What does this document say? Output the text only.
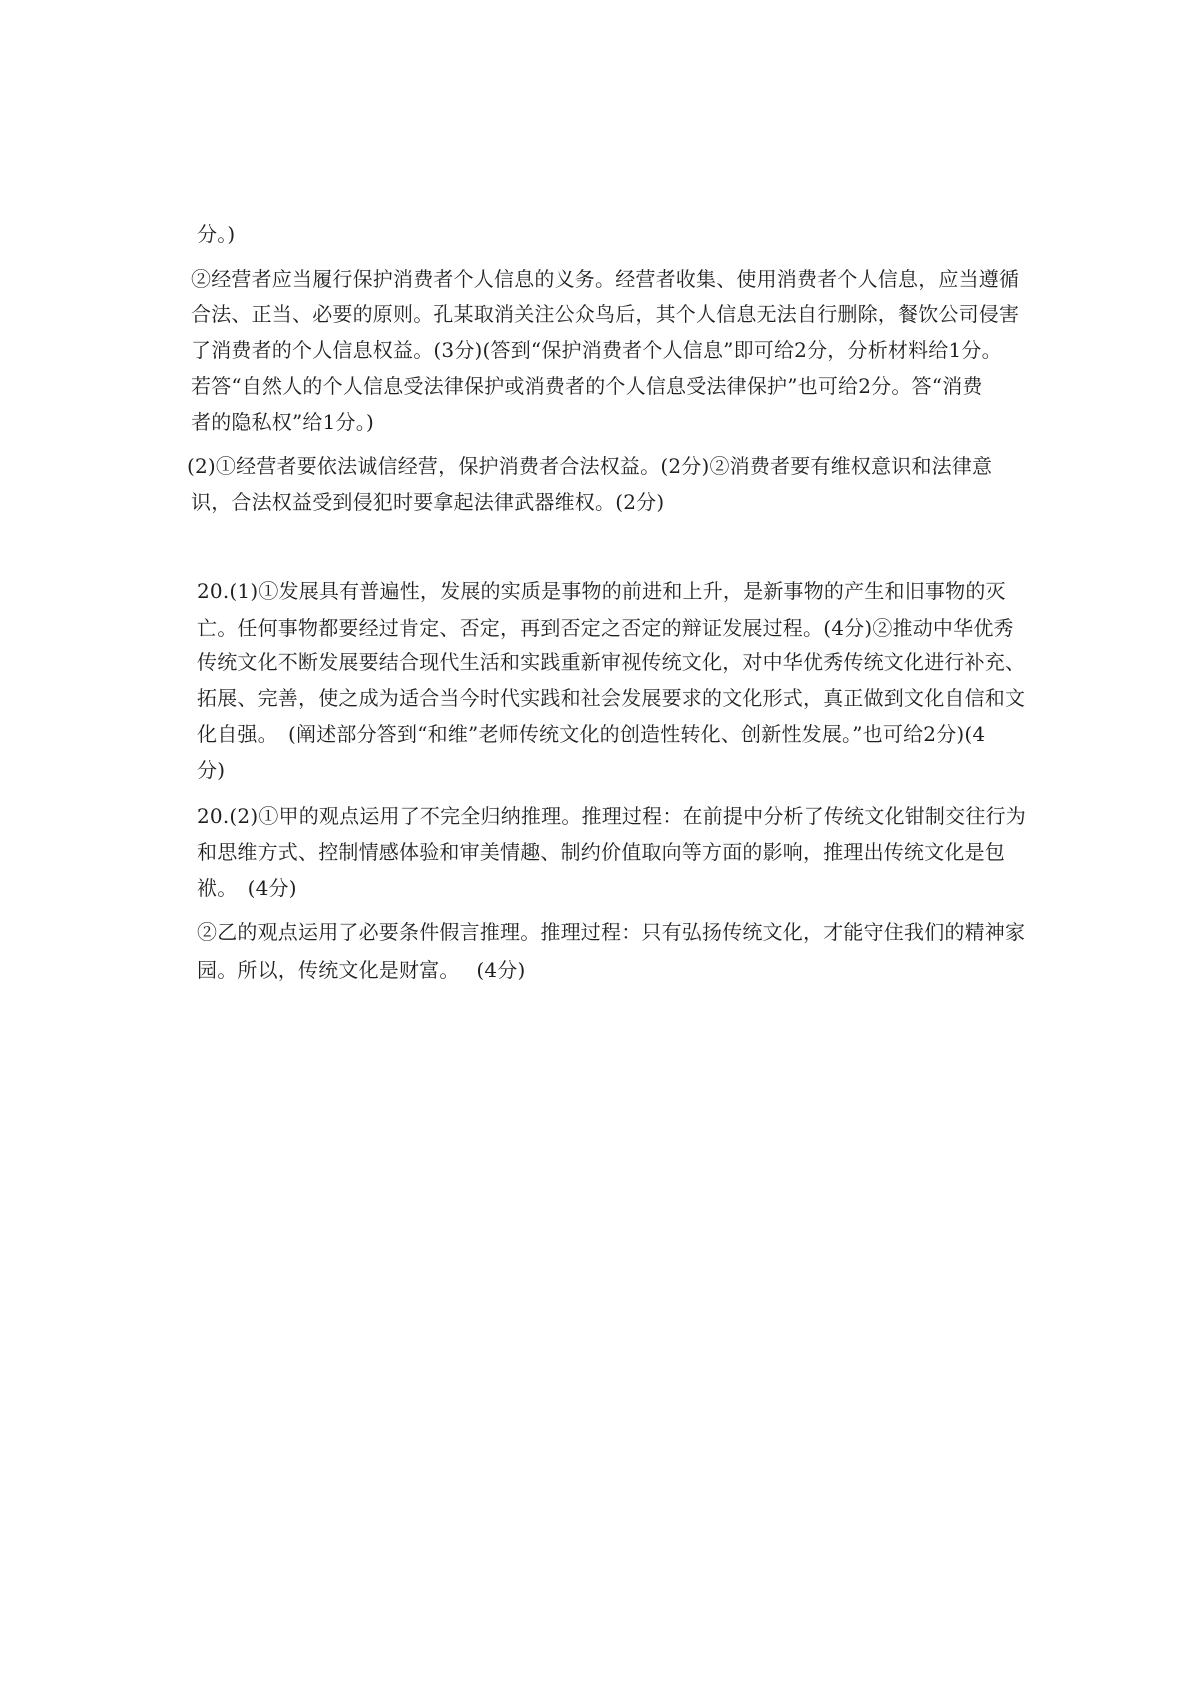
分。)
②经营者应当履行保护消费者个人信息的义务。经营者收集、使用消费者个人信息，应当遵循
合法、正当、必要的原则。孔某取消关注公众鸟后，其个人信息无法自行删除，餐饮公司侵害
了消费者的个人信息权益。(3分)(答到“保护消费者个人信息”即可给2分，分析材料给1分。
若答“自然人的个人信息受法律保护或消费者的个人信息受法律保护”也可给2分。答“消费
者的隐私权”给1分。)
(2)①经营者要依法诚信经营，保护消费者合法权益。(2分)②消费者要有维权意识和法律意
识，合法权益受到侵犯时要拿起法律武器维权。(2分)
20.(1)①发展具有普遍性，发展的实质是事物的前进和上升，是新事物的产生和旧事物的灭
亡。任何事物都要经过肯定、否定，再到否定之否定的辩证发展过程。(4分)②推动中华优秀
传统文化不断发展要结合现代生活和实践重新审视传统文化，对中华优秀传统文化进行补充、
拓展、完善，使之成为适合当今时代实践和社会发展要求的文化形式，真正做到文化自信和文
化自强。　(阐述部分答到“和维”老师传统文化的创造性转化、创新性发展。”也可给2分)(4
分)
20.(2)①甲的观点运用了不完全归纳推理。推理过程：在前提中分析了传统文化钳制交往行为
和思维方式、控制情感体验和审美情趣、制约价值取向等方面的影响，推理出传统文化是包
袱。　(4分)
②乙的观点运用了必要条件假言推理。推理过程：只有弘扬传统文化，才能守住我们的精神家
园。所以，传统文化是财富。　 (4分)
